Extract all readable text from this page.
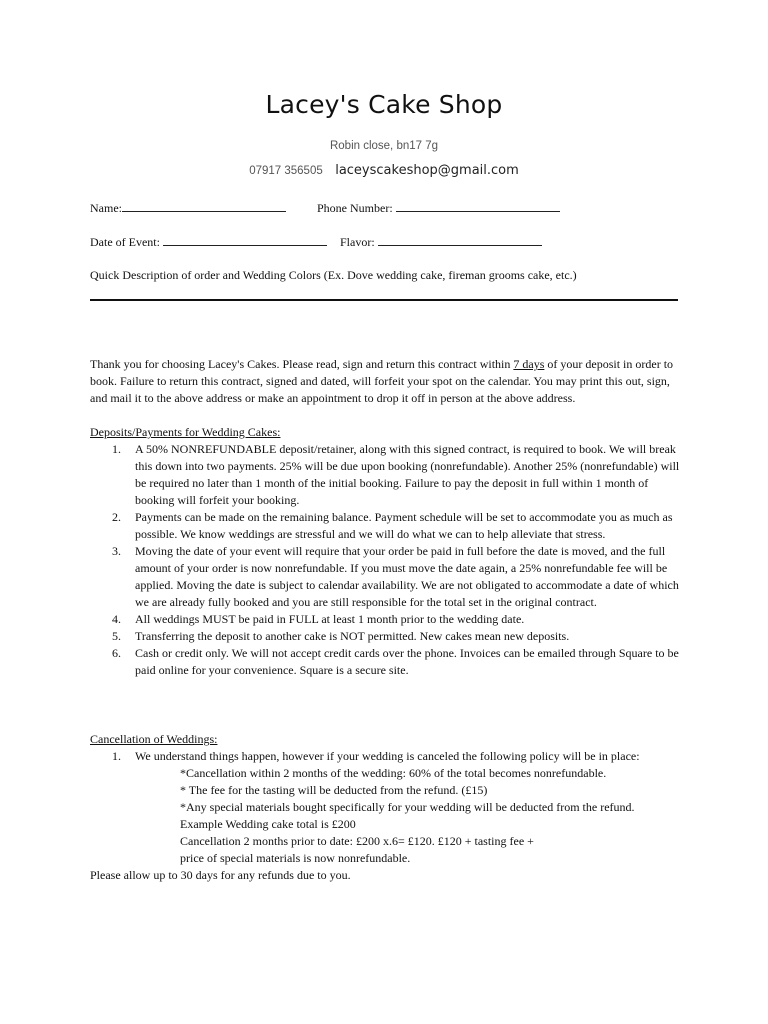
Lacey's Cake Shop
Robin close, bn17 7g
07917 356505 laceyscakeshop@gmail.com
Name:	Phone Number:
Date of Event:	Flavor:
Quick Description of order and Wedding Colors (Ex. Dove wedding cake, fireman grooms cake, etc.)
Thank you for choosing Lacey's Cakes. Please read, sign and return this contract within 7 days of your deposit in order to book. Failure to return this contract, signed and dated, will forfeit your spot on the calendar. You may print this out, sign, and mail it to the above address or make an appointment to drop it off in person at the above address.
Deposits/Payments for Wedding Cakes:
1. A 50% NONREFUNDABLE deposit/retainer, along with this signed contract, is required to book. We will break this down into two payments. 25% will be due upon booking (nonrefundable). Another 25% (nonrefundable) will be required no later than 1 month of the initial booking. Failure to pay the deposit in full within 1 month of booking will forfeit your booking.
2. Payments can be made on the remaining balance. Payment schedule will be set to accommodate you as much as possible. We know weddings are stressful and we will do what we can to help alleviate that stress.
3. Moving the date of your event will require that your order be paid in full before the date is moved, and the full amount of your order is now nonrefundable. If you must move the date again, a 25% nonrefundable fee will be applied. Moving the date is subject to calendar availability. We are not obligated to accommodate a date of which we are already fully booked and you are still responsible for the total set in the original contract.
4. All weddings MUST be paid in FULL at least 1 month prior to the wedding date.
5. Transferring the deposit to another cake is NOT permitted. New cakes mean new deposits.
6. Cash or credit only. We will not accept credit cards over the phone. Invoices can be emailed through Square to be paid online for your convenience. Square is a secure site.
Cancellation of Weddings:
1. We understand things happen, however if your wedding is canceled the following policy will be in place:
*Cancellation within 2 months of the wedding: 60% of the total becomes nonrefundable.
* The fee for the tasting will be deducted from the refund. (£15)
*Any special materials bought specifically for your wedding will be deducted from the refund.
Example Wedding cake total is £200
Cancellation 2 months prior to date: £200 x.6= £120. £120 + tasting fee + price of special materials is now nonrefundable.
Please allow up to 30 days for any refunds due to you.
